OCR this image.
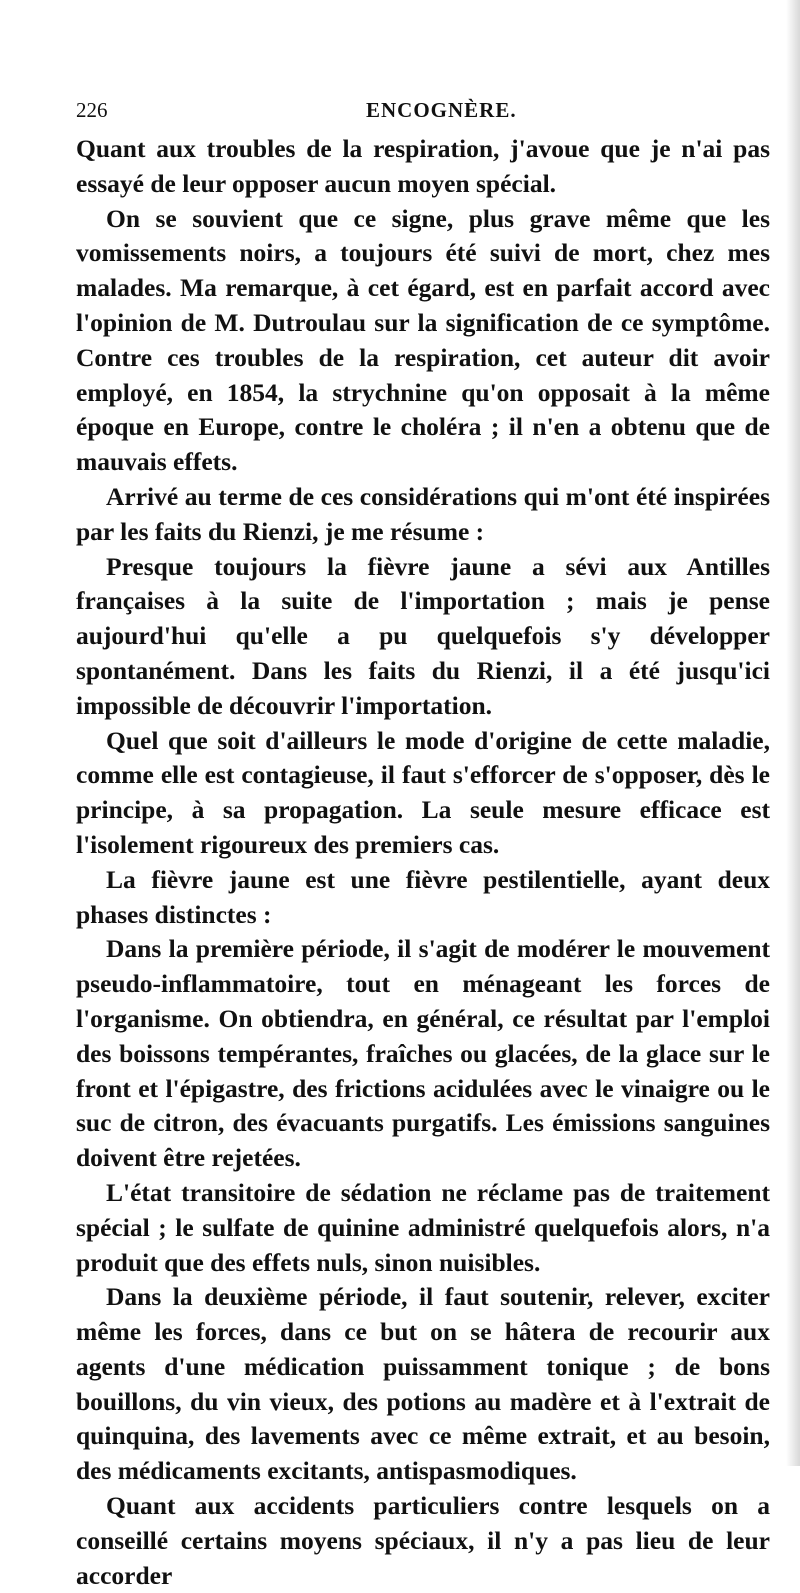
226	ENCOGNÈRE.

Quant aux troubles de la respiration, j'avoue que je n'ai pas essayé de leur opposer aucun moyen spécial.

On se souvient que ce signe, plus grave même que les vomissements noirs, a toujours été suivi de mort, chez mes malades. Ma remarque, à cet égard, est en parfait accord avec l'opinion de M. Dutroulau sur la signification de ce symptôme. Contre ces troubles de la respiration, cet auteur dit avoir employé, en 1854, la strychnine qu'on opposait à la même époque en Europe, contre le choléra ; il n'en a obtenu que de mauvais effets.

Arrivé au terme de ces considérations qui m'ont été inspirées par les faits du Rienzi, je me résume :

Presque toujours la fièvre jaune a sévi aux Antilles françaises à la suite de l'importation ; mais je pense aujourd'hui qu'elle a pu quelquefois s'y développer spontanément. Dans les faits du Rienzi, il a été jusqu'ici impossible de découvrir l'importation.

Quel que soit d'ailleurs le mode d'origine de cette maladie, comme elle est contagieuse, il faut s'efforcer de s'opposer, dès le principe, à sa propagation. La seule mesure efficace est l'isolement rigoureux des premiers cas.

La fièvre jaune est une fièvre pestilentielle, ayant deux phases distinctes :

Dans la première période, il s'agit de modérer le mouvement pseudo-inflammatoire, tout en ménageant les forces de l'organisme. On obtiendra, en général, ce résultat par l'emploi des boissons tempérantes, fraîches ou glacées, de la glace sur le front et l'épigastre, des frictions acidulées avec le vinaigre ou le suc de citron, des évacuants purgatifs. Les émissions sanguines doivent être rejetées.

L'état transitoire de sédation ne réclame pas de traitement spécial ; le sulfate de quinine administré quelquefois alors, n'a produit que des effets nuls, sinon nuisibles.

Dans la deuxième période, il faut soutenir, relever, exciter même les forces, dans ce but on se hâtera de recourir aux agents d'une médication puissamment tonique ; de bons bouillons, du vin vieux, des potions au madère et à l'extrait de quinquina, des lavements avec ce même extrait, et au besoin, des médicaments excitants, antispasmodiques.

Quant aux accidents particuliers contre lesquels on a conseillé certains moyens spéciaux, il n'y a pas lieu de leur accorder
